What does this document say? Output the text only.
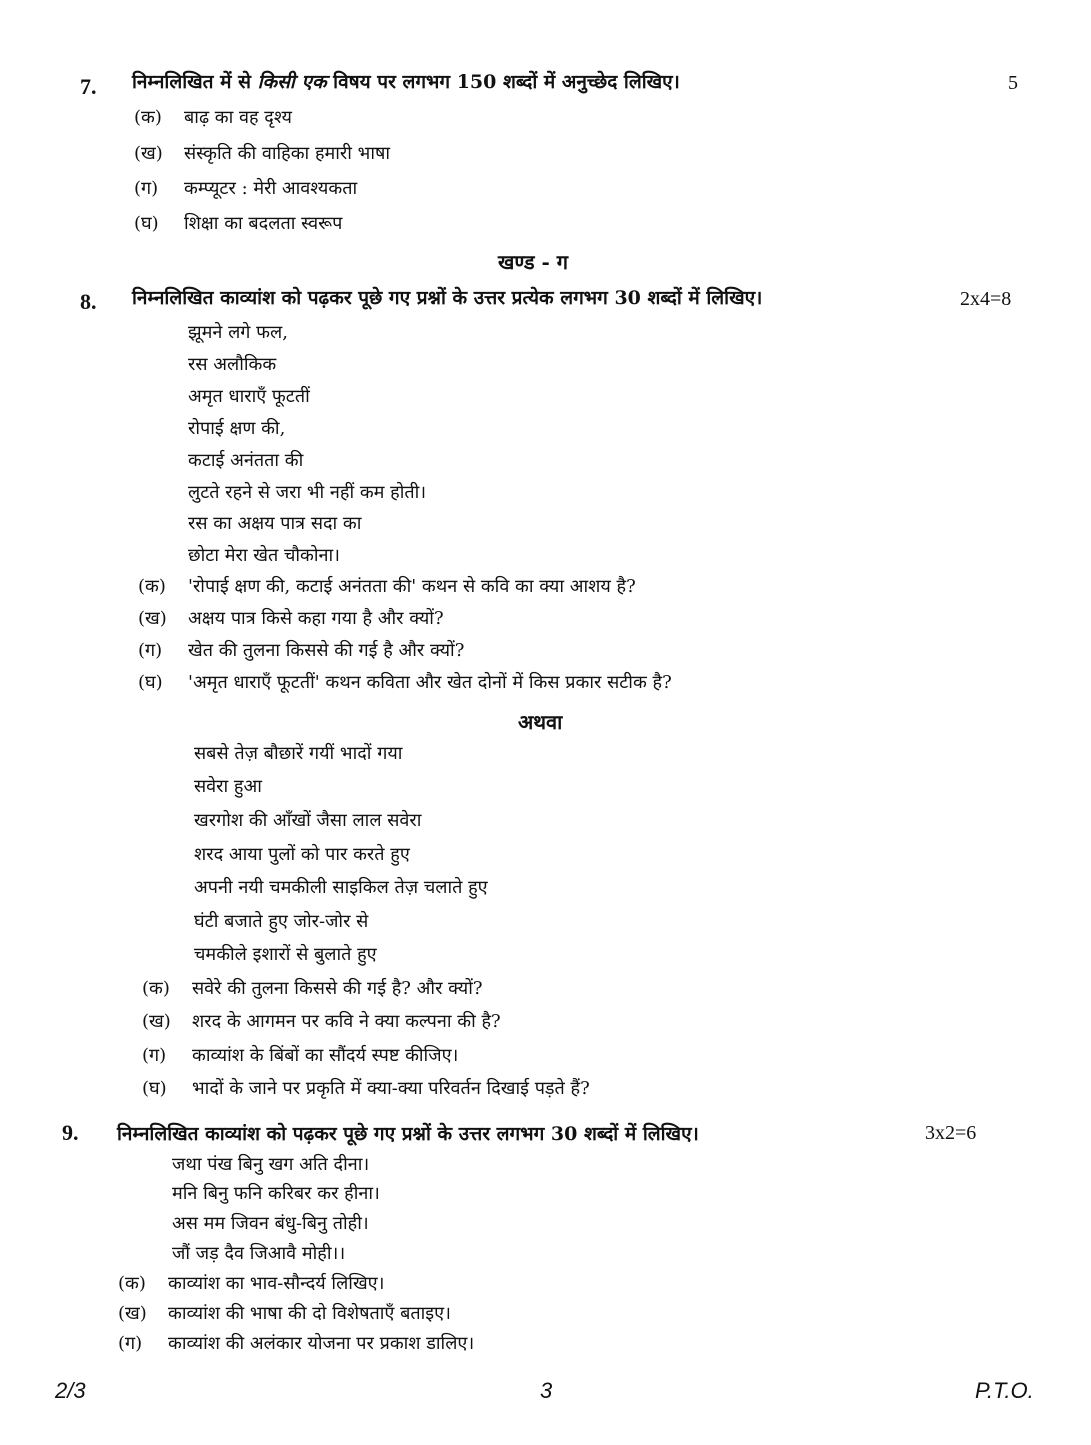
7. निम्नलिखित में से किसी एक विषय पर लगभग 150 शब्दों में अनुच्छेद लिखिए।	5
(क) बाढ़ का वह दृश्य
(ख) संस्कृति की वाहिका हमारी भाषा
(ग) कम्प्यूटर : मेरी आवश्यकता
(घ) शिक्षा का बदलता स्वरूप
खण्ड - ग
8. निम्नलिखित काव्यांश को पढ़कर पूछे गए प्रश्नों के उत्तर प्रत्येक लगभग 30 शब्दों में लिखिए।	2x4=8
झूमने लगे फल,
रस अलौकिक
अमृत धाराएँ फूटतीं
रोपाई क्षण की,
कटाई अनंतता की
लुटते रहने से जरा भी नहीं कम होती।
रस का अक्षय पात्र सदा का
छोटा मेरा खेत चौकोना।
(क) 'रोपाई क्षण की, कटाई अनंतता की' कथन से कवि का क्या आशय है?
(ख) अक्षय पात्र किसे कहा गया है और क्यों?
(ग) खेत की तुलना किससे की गई है और क्यों?
(घ) 'अमृत धाराएँ फूटतीं' कथन कविता और खेत दोनों में किस प्रकार सटीक है?
अथवा
सबसे तेज़ बौछारें गयीं भादों गया
सवेरा हुआ
खरगोश की आँखों जैसा लाल सवेरा
शरद आया पुलों को पार करते हुए
अपनी नयी चमकीली साइकिल तेज़ चलाते हुए
घंटी बजाते हुए जोर-जोर से
चमकीले इशारों से बुलाते हुए
(क) सवेरे की तुलना किससे की गई है? और क्यों?
(ख) शरद के आगमन पर कवि ने क्या कल्पना की है?
(ग) काव्यांश के बिंबों का सौंदर्य स्पष्ट कीजिए।
(घ) भादों के जाने पर प्रकृति में क्या-क्या परिवर्तन दिखाई पड़ते हैं?
9. निम्नलिखित काव्यांश को पढ़कर पूछे गए प्रश्नों के उत्तर लगभग 30 शब्दों में लिखिए।	3x2=6
जथा पंख बिनु खग अति दीना।
मनि बिनु फनि करिबर कर हीना।
अस मम जिवन बंधु-बिनु तोही।
जौं जड़ दैव जिआवै मोही।।
(क) काव्यांश का भाव-सौन्दर्य लिखिए।
(ख) काव्यांश की भाषा की दो विशेषताएँ बताइए।
(ग) काव्यांश की अलंकार योजना पर प्रकाश डालिए।
2/3	3	P.T.O.
